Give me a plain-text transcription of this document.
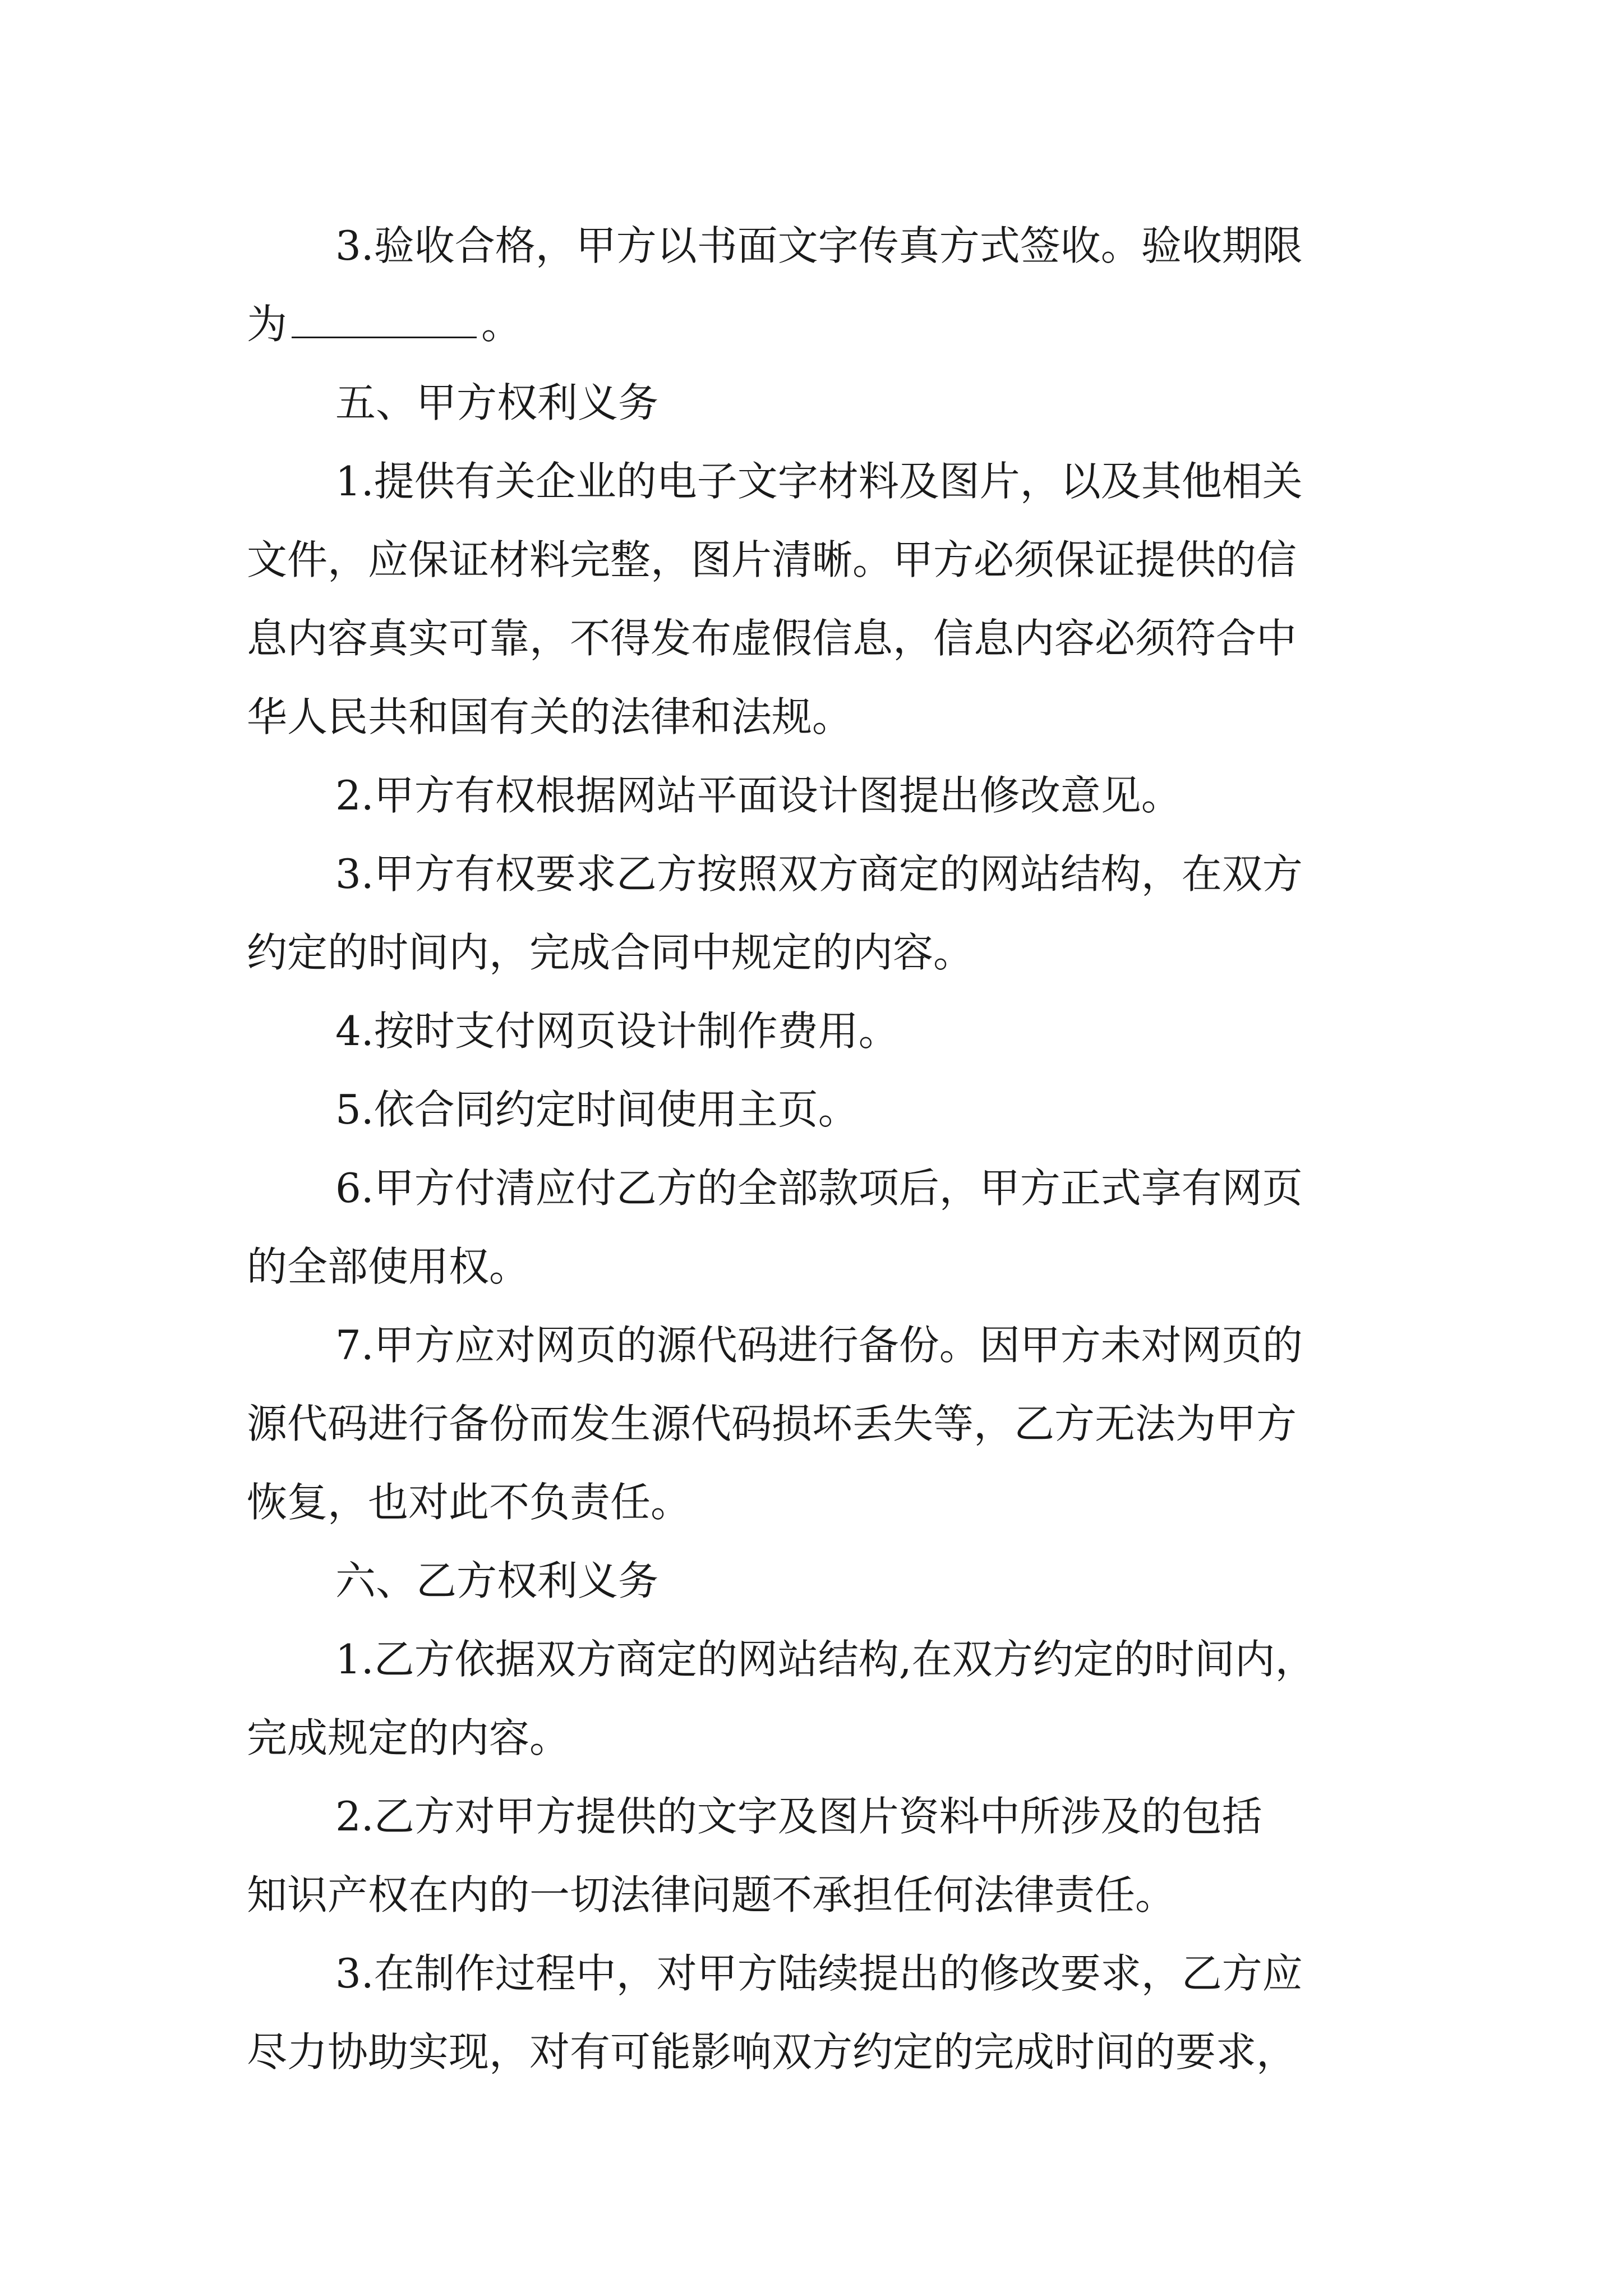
3.验收合格，甲方以书面文字传真方式签收。验收期限
为	。
五、甲方权利义务
1.提供有关企业的电子文字材料及图片，以及其他相关
文件，应保证材料完整，图片清晰。甲方必须保证提供的信
息内容真实可靠，不得发布虚假信息，信息内容必须符合中
华人民共和国有关的法律和法规。
2.甲方有权根据网站平面设计图提出修改意见。
3.甲方有权要求乙方按照双方商定的网站结构，在双方
约定的时间内，完成合同中规定的内容。
4.按时支付网页设计制作费用。
5.依合同约定时间使用主页。
6.甲方付清应付乙方的全部款项后，甲方正式享有网页
的全部使用权。
7.甲方应对网页的源代码进行备份。因甲方未对网页的
源代码进行备份而发生源代码损坏丢失等，乙方无法为甲方
恢复，也对此不负责任。
六、乙方权利义务
1.乙方依据双方商定的网站结构,在双方约定的时间内，
完成规定的内容。
2.乙方对甲方提供的文字及图片资料中所涉及的包括
知识产权在内的一切法律问题不承担任何法律责任。
3.在制作过程中，对甲方陆续提出的修改要求，乙方应
尽力协助实现，对有可能影响双方约定的完成时间的要求，
